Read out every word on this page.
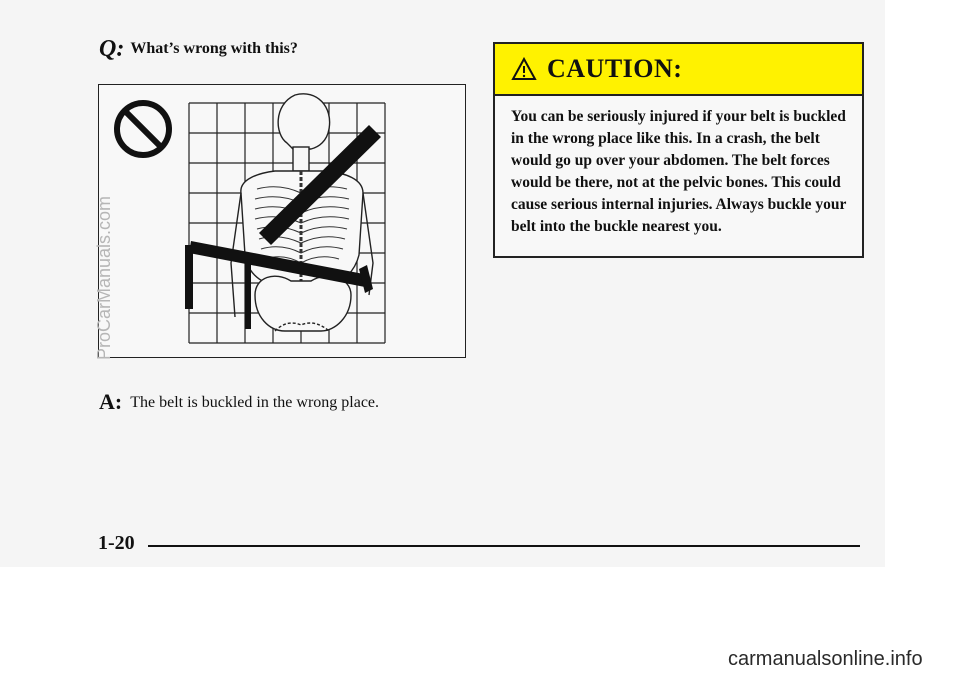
Q: What’s wrong with this?
A: The belt is buckled in the wrong place.
CAUTION:
You can be seriously injured if your belt is buckled in the wrong place like this. In a crash, the belt would go up over your abdomen. The belt forces would be there, not at the pelvic bones. This could cause serious internal injuries. Always buckle your belt into the buckle nearest you.
ProCarManuals.com
1-20
carmanualsonline.info
